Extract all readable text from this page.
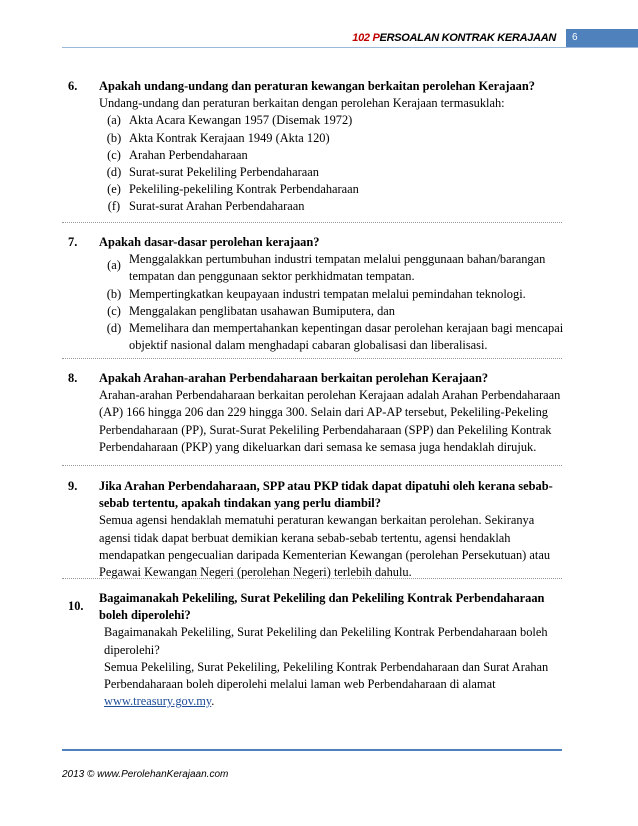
102 PERSOALAN KONTRAK KERAJAAN	6
6. Apakah undang-undang dan peraturan kewangan berkaitan perolehan Kerajaan?
Undang-undang dan peraturan berkaitan dengan perolehan Kerajaan termasuklah:
(a) Akta Acara Kewangan 1957 (Disemak 1972)
(b) Akta Kontrak Kerajaan 1949 (Akta 120)
(c) Arahan Perbendaharaan
(d) Surat-surat Pekeliling Perbendaharaan
(e) Pekeliling-pekeliling Kontrak Perbendaharaan
(f) Surat-surat Arahan Perbendaharaan
7. Apakah dasar-dasar perolehan kerajaan?
(a) Menggalakkan pertumbuhan industri tempatan melalui penggunaan bahan/barangan tempatan dan penggunaan sektor perkhidmatan tempatan.
(b) Mempertingkatkan keupayaan industri tempatan melalui pemindahan teknologi.
(c) Menggalakan penglibatan usahawan Bumiputera, dan
(d) Memelihara dan mempertahankan kepentingan dasar perolehan kerajaan bagi mencapai objektif nasional dalam menghadapi cabaran globalisasi dan liberalisasi.
8. Apakah Arahan-arahan Perbendaharaan berkaitan perolehan Kerajaan?
Arahan-arahan Perbendaharaan berkaitan perolehan Kerajaan adalah Arahan Perbendaharaan (AP) 166 hingga 206 dan 229 hingga 300. Selain dari AP-AP tersebut, Pekeliling-Pekeling Perbendaharaan (PP), Surat-Surat Pekeliling Perbendaharaan (SPP) dan Pekeliling Kontrak Perbendaharaan (PKP) yang dikeluarkan dari semasa ke semasa juga hendaklah dirujuk.
9. Jika Arahan Perbendaharaan, SPP atau PKP tidak dapat dipatuhi oleh kerana sebab-sebab tertentu, apakah tindakan yang perlu diambil?
Semua agensi hendaklah mematuhi peraturan kewangan berkaitan perolehan. Sekiranya agensi tidak dapat berbuat demikian kerana sebab-sebab tertentu, agensi hendaklah mendapatkan pengecualian daripada Kementerian Kewangan (perolehan Persekutuan) atau Pegawai Kewangan Negeri (perolehan Negeri) terlebih dahulu.
10.
Bagaimanakah Pekeliling, Surat Pekeliling dan Pekeliling Kontrak Perbendaharaan boleh diperolehi?
Bagaimanakah Pekeliling, Surat Pekeliling dan Pekeliling Kontrak Perbendaharaan boleh diperolehi?
Semua Pekeliling, Surat Pekeliling, Pekeliling Kontrak Perbendaharaan dan Surat Arahan Perbendaharaan boleh diperolehi melalui laman web Perbendaharaan di alamat www.treasury.gov.my.
2013 © www.PerolehanKerajaan.com
